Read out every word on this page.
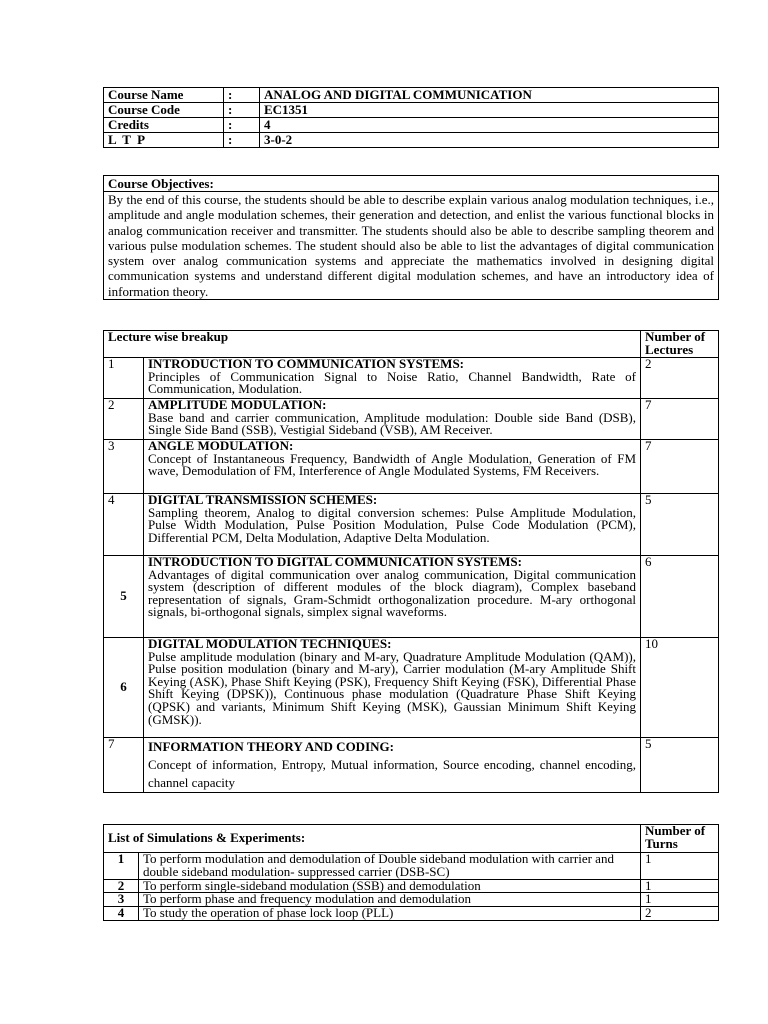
Course Name	:	ANALOG AND DIGITAL COMMUNICATION
Course Code	:	EC1351
Credits	:	4
L  T  P	:	3-0-2
Course Objectives:
By the end of this course, the students should be able to describe explain various analog modulation techniques, i.e., amplitude and angle modulation schemes, their generation and detection, and enlist the various functional blocks in analog communication receiver and transmitter. The students should also be able to describe sampling theorem and various pulse modulation schemes. The student should also be able to list the advantages of digital communication system over analog communication systems and appreciate the mathematics involved in designing digital communication systems and understand different digital modulation schemes, and have an introductory idea of information theory.
Lecture wise breakup		Number of Lectures
1	INTRODUCTION TO COMMUNICATION SYSTEMS:
Principles of Communication Signal to Noise Ratio, Channel Bandwidth, Rate of Communication, Modulation.	2
2	AMPLITUDE MODULATION:
Base band and carrier communication, Amplitude modulation: Double side Band (DSB), Single Side Band (SSB), Vestigial Sideband (VSB), AM Receiver.	7
3	ANGLE MODULATION:
Concept of Instantaneous Frequency, Bandwidth of Angle Modulation, Generation of FM wave, Demodulation of FM, Interference of Angle Modulated Systems, FM Receivers.	7
4	DIGITAL TRANSMISSION SCHEMES:
Sampling theorem, Analog to digital conversion schemes: Pulse Amplitude Modulation, Pulse Width Modulation, Pulse Position Modulation, Pulse Code Modulation (PCM), Differential PCM, Delta Modulation, Adaptive Delta Modulation.	5
5	INTRODUCTION TO DIGITAL COMMUNICATION SYSTEMS:
Advantages of digital communication over analog communication, Digital communication system (description of different modules of the block diagram), Complex baseband representation of signals, Gram-Schmidt orthogonalization procedure. M-ary orthogonal signals, bi-orthogonal signals, simplex signal waveforms.	6
6	DIGITAL MODULATION TECHNIQUES:
Pulse amplitude modulation (binary and M-ary, Quadrature Amplitude Modulation (QAM)), Pulse position modulation (binary and M-ary), Carrier modulation (M-ary Amplitude Shift Keying (ASK), Phase Shift Keying (PSK), Frequency Shift Keying (FSK), Differential Phase Shift Keying (DPSK)), Continuous phase modulation (Quadrature Phase Shift Keying (QPSK) and variants, Minimum Shift Keying (MSK), Gaussian Minimum Shift Keying (GMSK)).	10
7	INFORMATION THEORY AND CODING:
Concept of information, Entropy, Mutual information, Source encoding, channel encoding, channel capacity	5
List of Simulations & Experiments:		Number of Turns
1	To perform modulation and demodulation of Double sideband modulation with carrier and double sideband modulation- suppressed carrier (DSB-SC)	1
2	To perform single-sideband modulation (SSB) and demodulation	1
3	To perform phase and frequency modulation and demodulation	1
4	To study the operation of phase lock loop (PLL)	2
